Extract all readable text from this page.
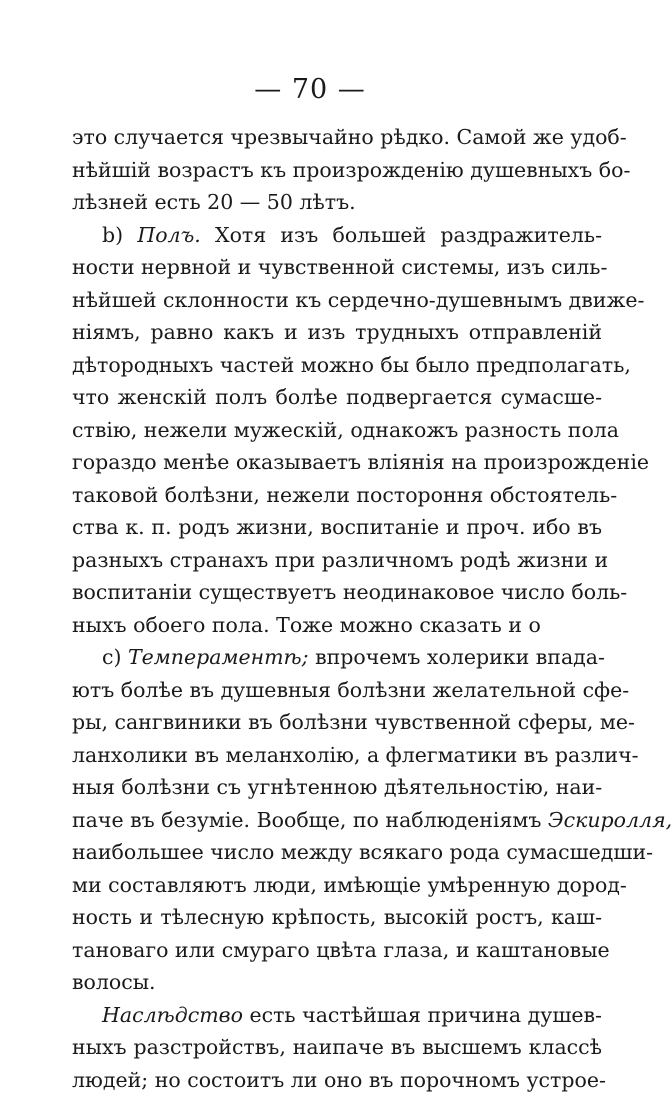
— 70 —
это случается чрезвычайно рѣдко. Самой же удоб-
нѣйшій возрастъ къ произрожденію душевныхъ бо-
лѣзней есть 20 — 50 лѣтъ.
b) Полъ. Хотя изъ большей раздражитель-
ности нервной и чувственной системы, изъ силь-
нѣйшей склонности къ сердечно-душевнымъ движе-
ніямъ, равно какъ и изъ трудныхъ отправленій
дѣтородныхъ частей можно бы было предполагать,
что женскій полъ болѣе подвергается сумасше-
ствію, нежели мужескій, однакожъ разность пола
гораздо менѣе оказываетъ вліянія на произрожденіе
таковой болѣзни, нежели постороння обстоятель-
ства к. п. родъ жизни, воспитаніе и проч. ибо въ
разныхъ странахъ при различномъ родѣ жизни и
воспитаніи существуетъ неодинаковое число боль-
ныхъ обоего пола. Тоже можно сказать и о
c) Темпераментѣ; впрочемъ холерики впада-
ютъ болѣе въ душевныя болѣзни желательной сфе-
ры, сангвиники въ болѣзни чувственной сферы, ме-
ланхолики въ меланхолію, а флегматики въ различ-
ныя болѣзни съ угнѣтенною дѣятельностію, наи-
паче въ безуміе. Вообще, по наблюденіямъ Эскиролля,
наибольшее число между всякаго рода сумасшедши-
ми составляютъ люди, имѣющіе умѣренную дород-
ность и тѣлесную крѣпость, высокій ростъ, каш-
тановаго или смураго цвѣта глаза, и каштановые
волосы.
Наслѣдство есть частѣйшая причина душев-
ныхъ разстройствъ, наипаче въ высшемъ классѣ
людей; но состоитъ ли оно въ порочномъ устрое-
